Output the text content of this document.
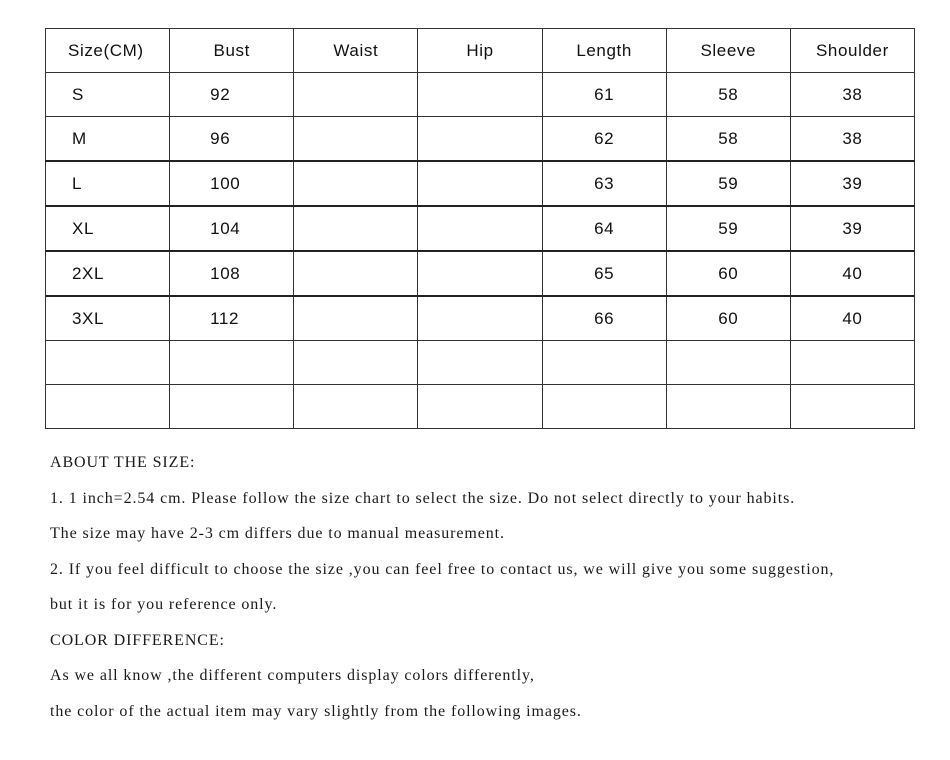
Size(CM)	Bust	Waist	Hip	Length	Sleeve	Shoulder
S	92			61	58	38
M	96			62	58	38
L	100			63	59	39
XL	104			64	59	39
2XL	108			65	60	40
3XL	112			66	60	40

ABOUT THE SIZE:
1. 1 inch=2.54 cm. Please follow the size chart to select the size. Do not select directly to your habits.
The size may have 2-3 cm differs due to manual measurement.
2. If you feel difficult to choose the size ,you can feel free to contact us, we will give you some suggestion,
but it is for you reference only.
COLOR DIFFERENCE:
As we all know ,the different computers display colors differently,
the color of the actual item may vary slightly from the following images.
